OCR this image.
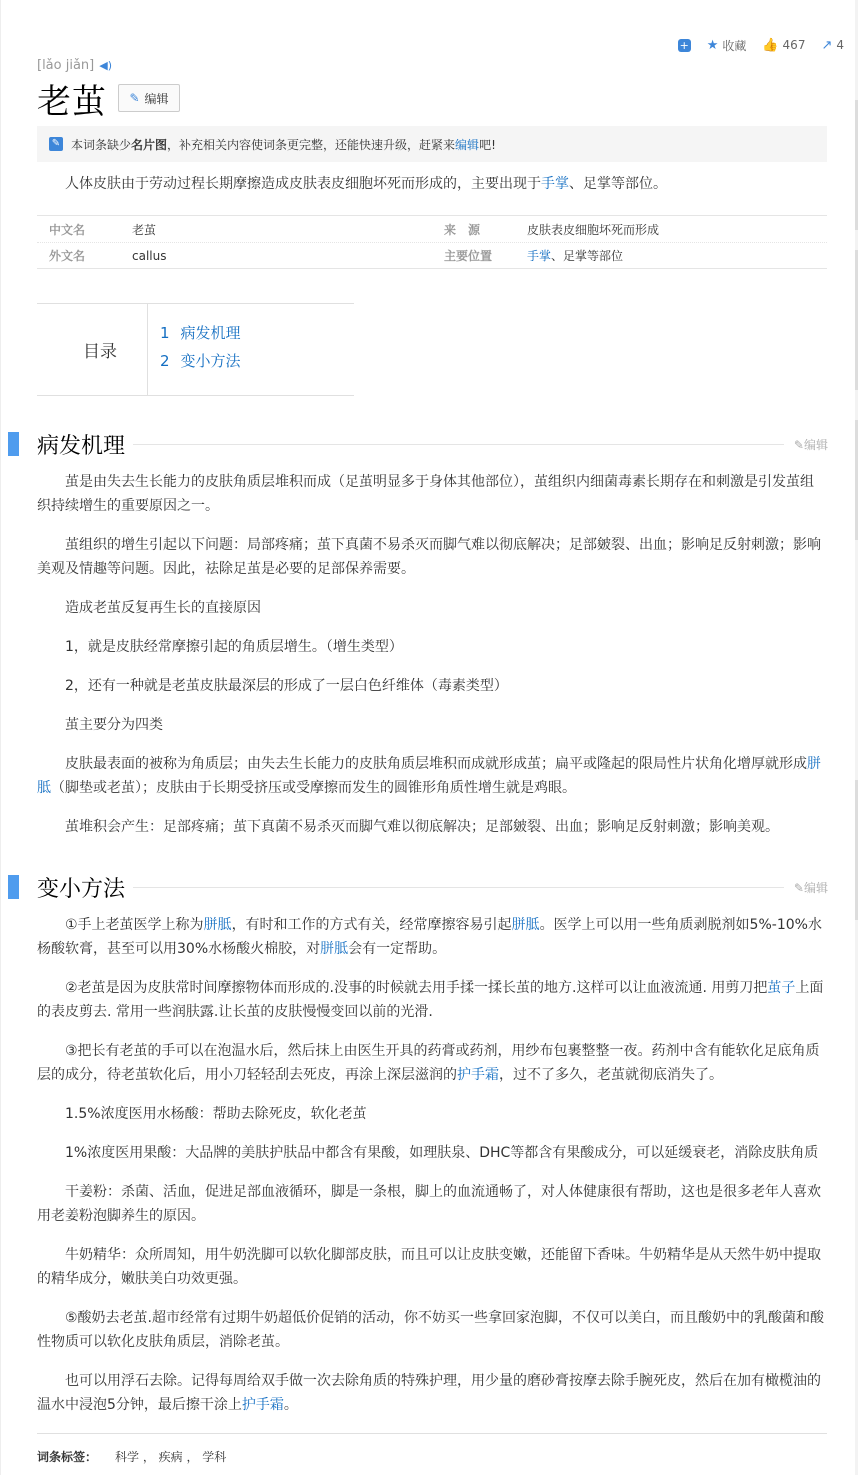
+ ★ 收藏 👍 467 ↗ 4
[lǎo jiǎn] ◀)
老茧 ✎ 编辑
✎ 本词条缺少 名片图 ，补充相关内容使词条更完整，还能快速升级，赶紧来 编辑 吧!
人体皮肤由于劳动过程长期摩擦造成皮肤表皮细胞坏死而形成的，主要出现于手掌、足掌等部位。
中文名	老茧	来　源	皮肤表皮细胞坏死而形成
外文名	callus	主要位置	手掌、足掌等部位
目录
1 病发机理
2 变小方法
病发机理	✎编辑
茧是由失去生长能力的皮肤角质层堆积而成（足茧明显多于身体其他部位），茧组织内细菌毒素长期存在和刺激是引发茧组织持续增生的重要原因之一。
茧组织的增生引起以下问题：局部疼痛；茧下真菌不易杀灭而脚气难以彻底解决；足部皴裂、出血；影响足反射刺激；影响美观及情趣等问题。因此，祛除足茧是必要的足部保养需要。
造成老茧反复再生长的直接原因
1，就是皮肤经常摩擦引起的角质层增生。（增生类型）
2，还有一种就是老茧皮肤最深层的形成了一层白色纤维体（毒素类型）
茧主要分为四类
皮肤最表面的被称为角质层；由失去生长能力的皮肤角质层堆积而成就形成茧；扁平或隆起的限局性片状角化增厚就形成胼胝（脚垫或老茧）；皮肤由于长期受挤压或受摩擦而发生的圆锥形角质性增生就是鸡眼。
茧堆积会产生：足部疼痛；茧下真菌不易杀灭而脚气难以彻底解决；足部皴裂、出血；影响足反射刺激；影响美观。
变小方法	✎编辑
①手上老茧医学上称为胼胝，有时和工作的方式有关，经常摩擦容易引起胼胝。医学上可以用一些角质剥脱剂如5%-10%水杨酸软膏，甚至可以用30%水杨酸火棉胶，对胼胝会有一定帮助。
②老茧是因为皮肤常时间摩擦物体而形成的.没事的时候就去用手揉一揉长茧的地方.这样可以让血液流通. 用剪刀把茧子上面的表皮剪去. 常用一些润肤露.让长茧的皮肤慢慢变回以前的光滑.
③把长有老茧的手可以在泡温水后，然后抹上由医生开具的药膏或药剂，用纱布包裹整整一夜。药剂中含有能软化足底角质层的成分，待老茧软化后，用小刀轻轻刮去死皮，再涂上深层滋润的护手霜，过不了多久，老茧就彻底消失了。
1.5%浓度医用水杨酸：帮助去除死皮，软化老茧
1%浓度医用果酸：大品牌的美肤护肤品中都含有果酸，如理肤泉、DHC等都含有果酸成分，可以延缓衰老，消除皮肤角质
干姜粉：杀菌、活血，促进足部血液循环，脚是一条根，脚上的血流通畅了，对人体健康很有帮助，这也是很多老年人喜欢用老姜粉泡脚养生的原因。
牛奶精华：众所周知，用牛奶洗脚可以软化脚部皮肤，而且可以让皮肤变嫩，还能留下香味。牛奶精华是从天然牛奶中提取的精华成分，嫩肤美白功效更强。
⑤酸奶去老茧.超市经常有过期牛奶超低价促销的活动，你不妨买一些拿回家泡脚，不仅可以美白，而且酸奶中的乳酸菌和酸性物质可以软化皮肤角质层，消除老茧。
也可以用浮石去除。记得每周给双手做一次去除角质的特殊护理，用少量的磨砂膏按摩去除手腕死皮，然后在加有橄榄油的温水中浸泡5分钟，最后擦干涂上护手霜。
词条标签： 科学 ， 疾病 ， 学科
